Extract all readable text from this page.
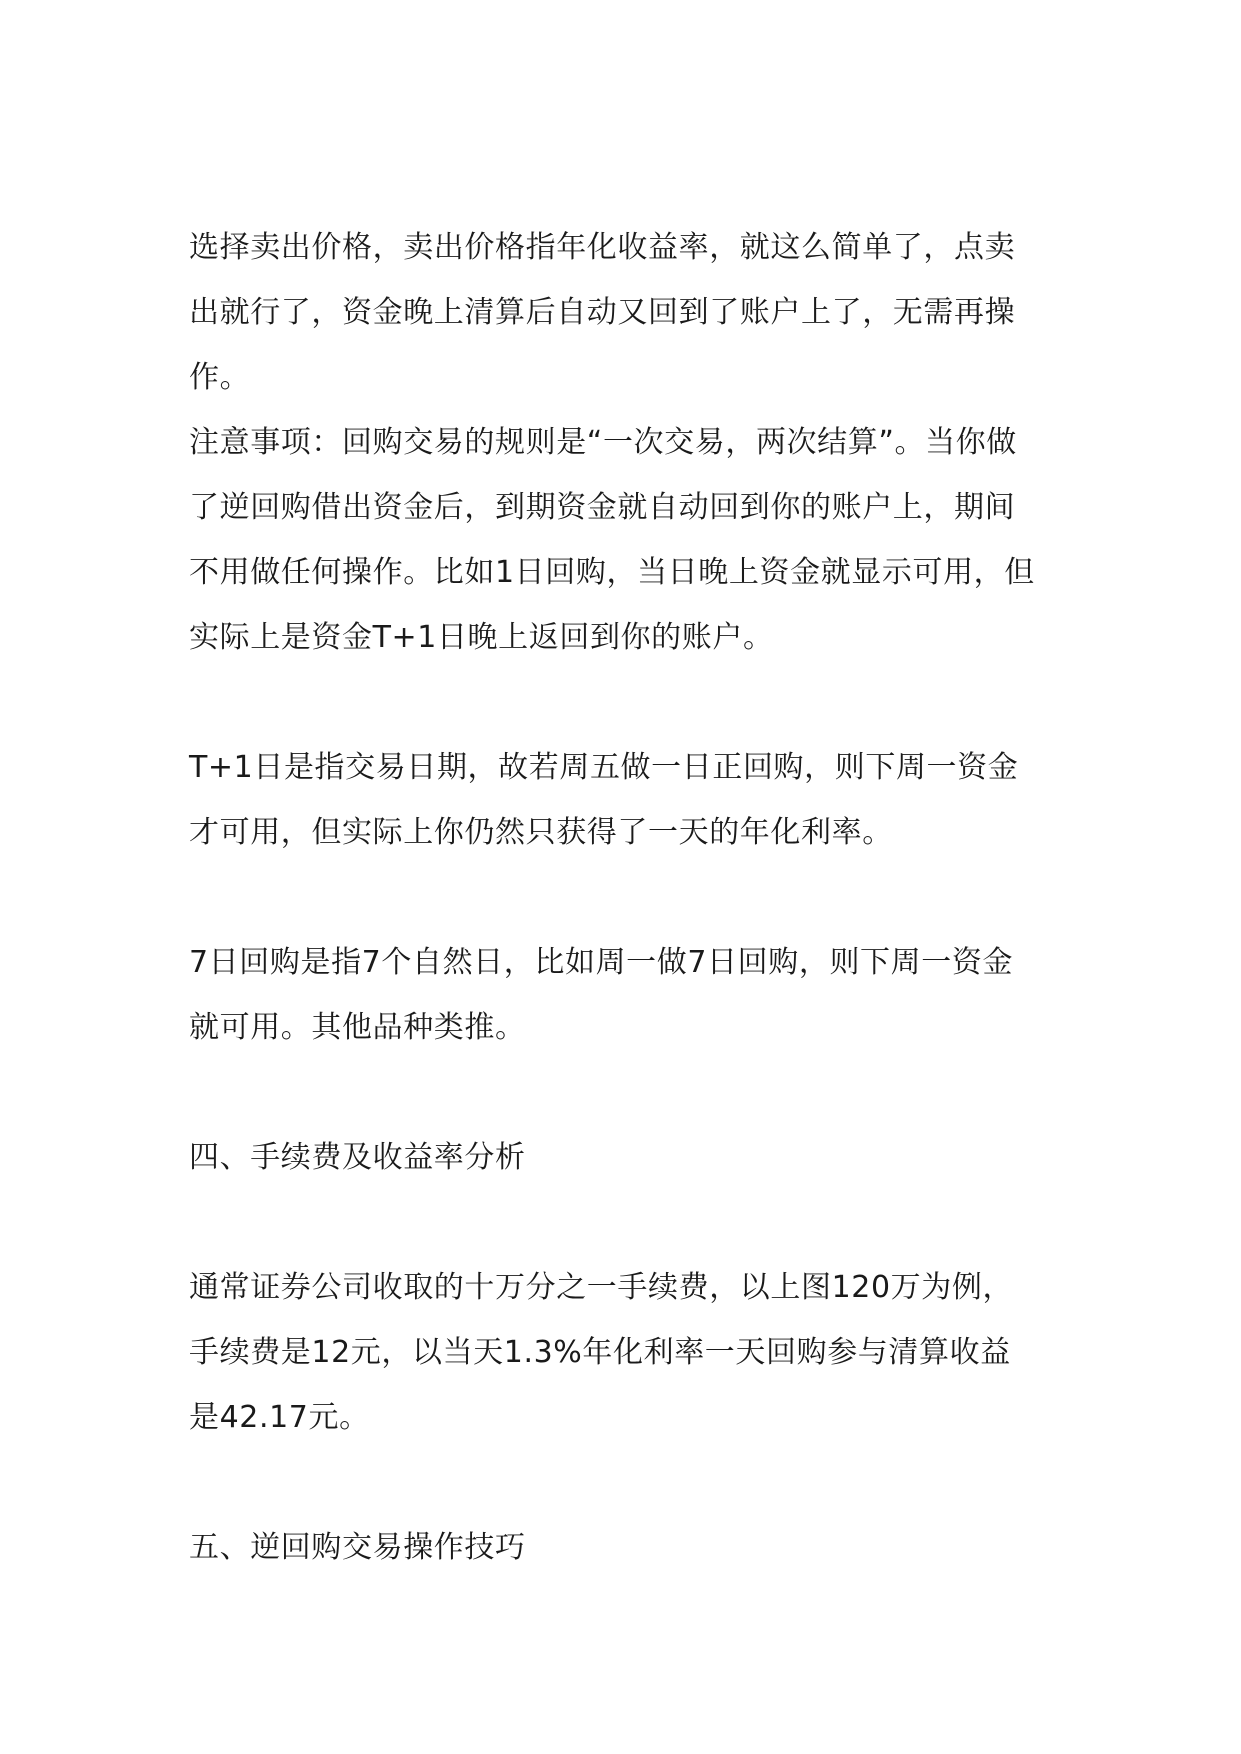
选择卖出价格，卖出价格指年化收益率，就这么简单了，点卖
出就行了，资金晚上清算后自动又回到了账户上了，无需再操
作。
注意事项：回购交易的规则是“一次交易，两次结算”。当你做
了逆回购借出资金后，到期资金就自动回到你的账户上，期间
不用做任何操作。比如1日回购，当日晚上资金就显示可用，但
实际上是资金T+1日晚上返回到你的账户。
T+1日是指交易日期，故若周五做一日正回购，则下周一资金
才可用，但实际上你仍然只获得了一天的年化利率。
7日回购是指7个自然日，比如周一做7日回购，则下周一资金
就可用。其他品种类推。
四、手续费及收益率分析
通常证券公司收取的十万分之一手续费，以上图120万为例，
手续费是12元，以当天1.3%年化利率一天回购参与清算收益
是42.17元。
五、逆回购交易操作技巧
